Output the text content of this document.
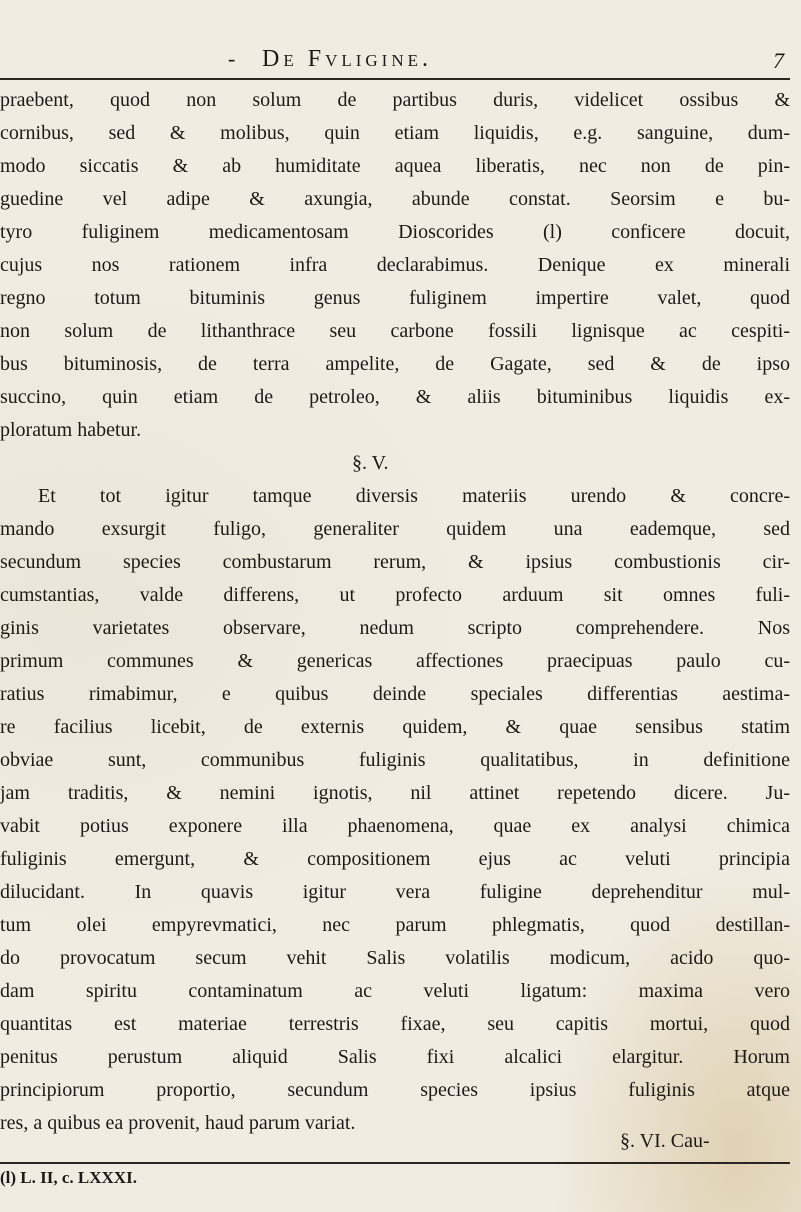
- De Fvligine.	7
praebent, quod non solum de partibus duris, videlicet ossibus &
cornibus, sed & molibus, quin etiam liquidis, e.g. sanguine, dum-
modo siccatis & ab humiditate aquea liberatis, nec non de pin-
guedine vel adipe & axungia, abunde constat. Seorsim e bu-
tyro fuliginem medicamentosam Dioscorides (l) conficere docuit,
cujus nos rationem infra declarabimus. Denique ex minerali
regno totum bituminis genus fuliginem impertire valet, quod
non solum de lithanthrace seu carbone fossili lignisque ac cespiti-
bus bituminosis, de terra ampelite, de Gagate, sed & de ipso
succino, quin etiam de petroleo, & aliis bituminibus liquidis ex-
ploratum habetur.
§. V.
Et tot igitur tamque diversis materiis urendo & concre-
mando exsurgit fuligo, generaliter quidem una eademque, sed
secundum species combustarum rerum, & ipsius combustionis cir-
cumstantias, valde differens, ut profecto arduum sit omnes fuli-
ginis varietates observare, nedum scripto comprehendere. Nos
primum communes & genericas affectiones praecipuas paulo cu-
ratius rimabimur, e quibus deinde speciales differentias aestima-
re facilius licebit, de externis quidem, & quae sensibus statim
obviae sunt, communibus fuliginis qualitatibus, in definitione
jam traditis, & nemini ignotis, nil attinet repetendo dicere. Ju-
vabit potius exponere illa phaenomena, quae ex analysi chimica
fuliginis emergunt, & compositionem ejus ac veluti principia
dilucidant. In quavis igitur vera fuligine deprehenditur mul-
tum olei empyrevmatici, nec parum phlegmatis, quod destillan-
do provocatum secum vehit Salis volatilis modicum, acido quo-
dam spiritu contaminatum ac veluti ligatum: maxima vero
quantitas est materiae terrestris fixae, seu capitis mortui, quod
penitus perustum aliquid Salis fixi alcalici elargitur. Horum
principiorum proportio, secundum species ipsius fuliginis atque
res, a quibus ea provenit, haud parum variat.
§. VI. Cau-
(l) L. II, c. LXXXI.
